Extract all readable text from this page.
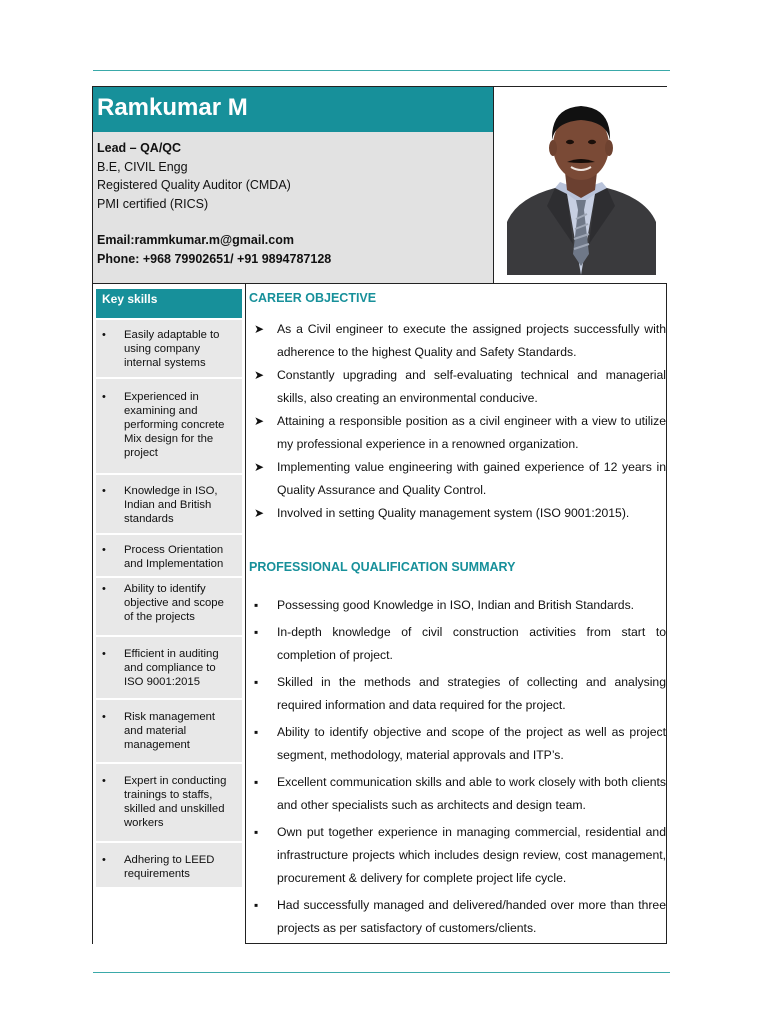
Ramkumar M
Lead – QA/QC
B.E, CIVIL Engg
Registered Quality Auditor (CMDA)
PMI certified (RICS)
Email:rammkumar.m@gmail.com
Phone: +968 79902651/ +91 9894787128
Key skills
• Easily adaptable to using company internal systems
• Experienced in examining and performing concrete Mix design for the project
• Knowledge in ISO, Indian and British standards
• Process Orientation and Implementation
• Ability to identify objective and scope of the projects
• Efficient in auditing and compliance to ISO 9001:2015
• Risk management and material management
• Expert in conducting trainings to staffs, skilled and unskilled workers
• Adhering to LEED requirements
CAREER OBJECTIVE
➤ As a Civil engineer to execute the assigned projects successfully with adherence to the highest Quality and Safety Standards.
➤ Constantly upgrading and self-evaluating technical and managerial skills, also creating an environmental conducive.
➤ Attaining a responsible position as a civil engineer with a view to utilize my professional experience in a renowned organization.
➤ Implementing value engineering with gained experience of 12 years in Quality Assurance and Quality Control.
➤ Involved in setting Quality management system (ISO 9001:2015).
PROFESSIONAL QUALIFICATION SUMMARY
▪ Possessing good Knowledge in ISO, Indian and British Standards.
▪ In-depth knowledge of civil construction activities from start to completion of project.
▪ Skilled in the methods and strategies of collecting and analysing required information and data required for the project.
▪ Ability to identify objective and scope of the project as well as project segment, methodology, material approvals and ITP’s.
▪ Excellent communication skills and able to work closely with both clients and other specialists such as architects and design team.
▪ Own put together experience in managing commercial, residential and infrastructure projects which includes design review, cost management, procurement & delivery for complete project life cycle.
▪ Had successfully managed and delivered/handed over more than three projects as per satisfactory of customers/clients.
